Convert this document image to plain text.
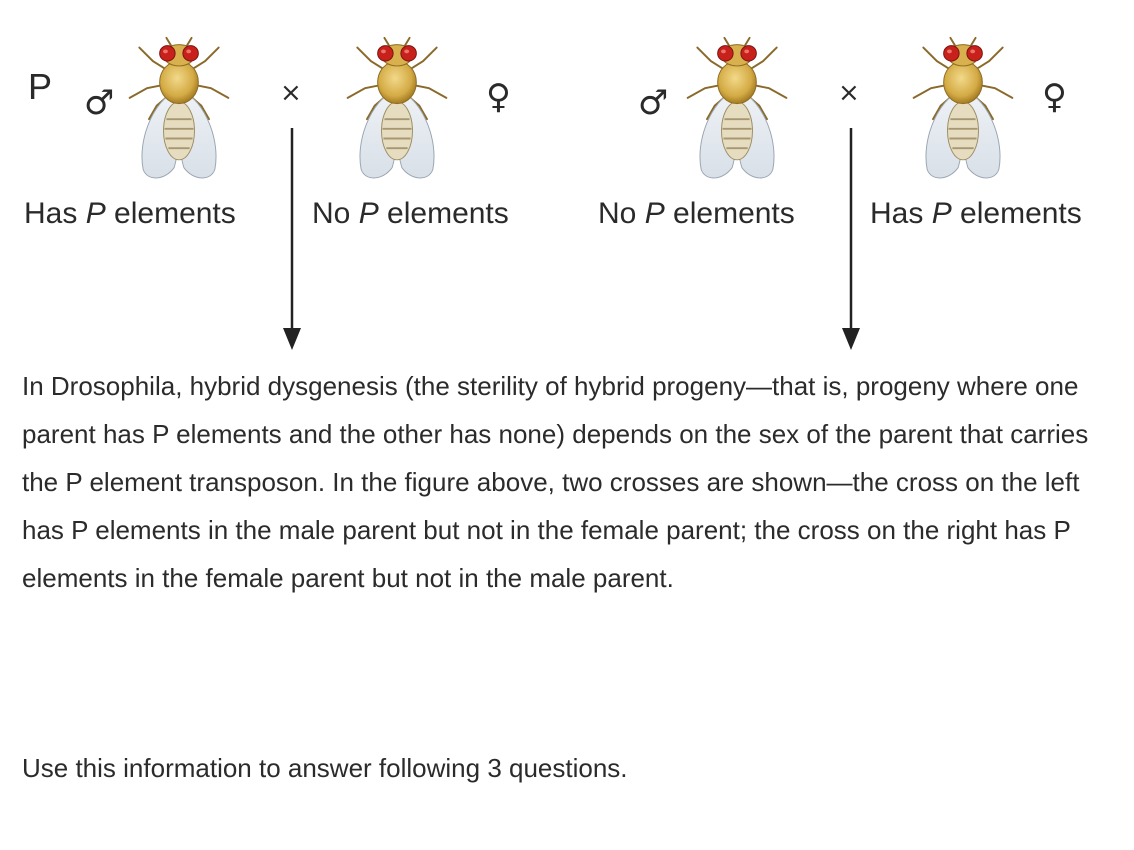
P ♂	♀	♂	♀
×	×
Has P elements	No P elements	No P elements	Has P elements

In Drosophila, hybrid dysgenesis (the sterility of hybrid progeny—that is, progeny where one parent has P elements and the other has none) depends on the sex of the parent that carries the P element transposon. In the figure above, two crosses are shown—the cross on the left has P elements in the male parent but not in the female parent; the cross on the right has P elements in the female parent but not in the male parent.

Use this information to answer following 3 questions.
